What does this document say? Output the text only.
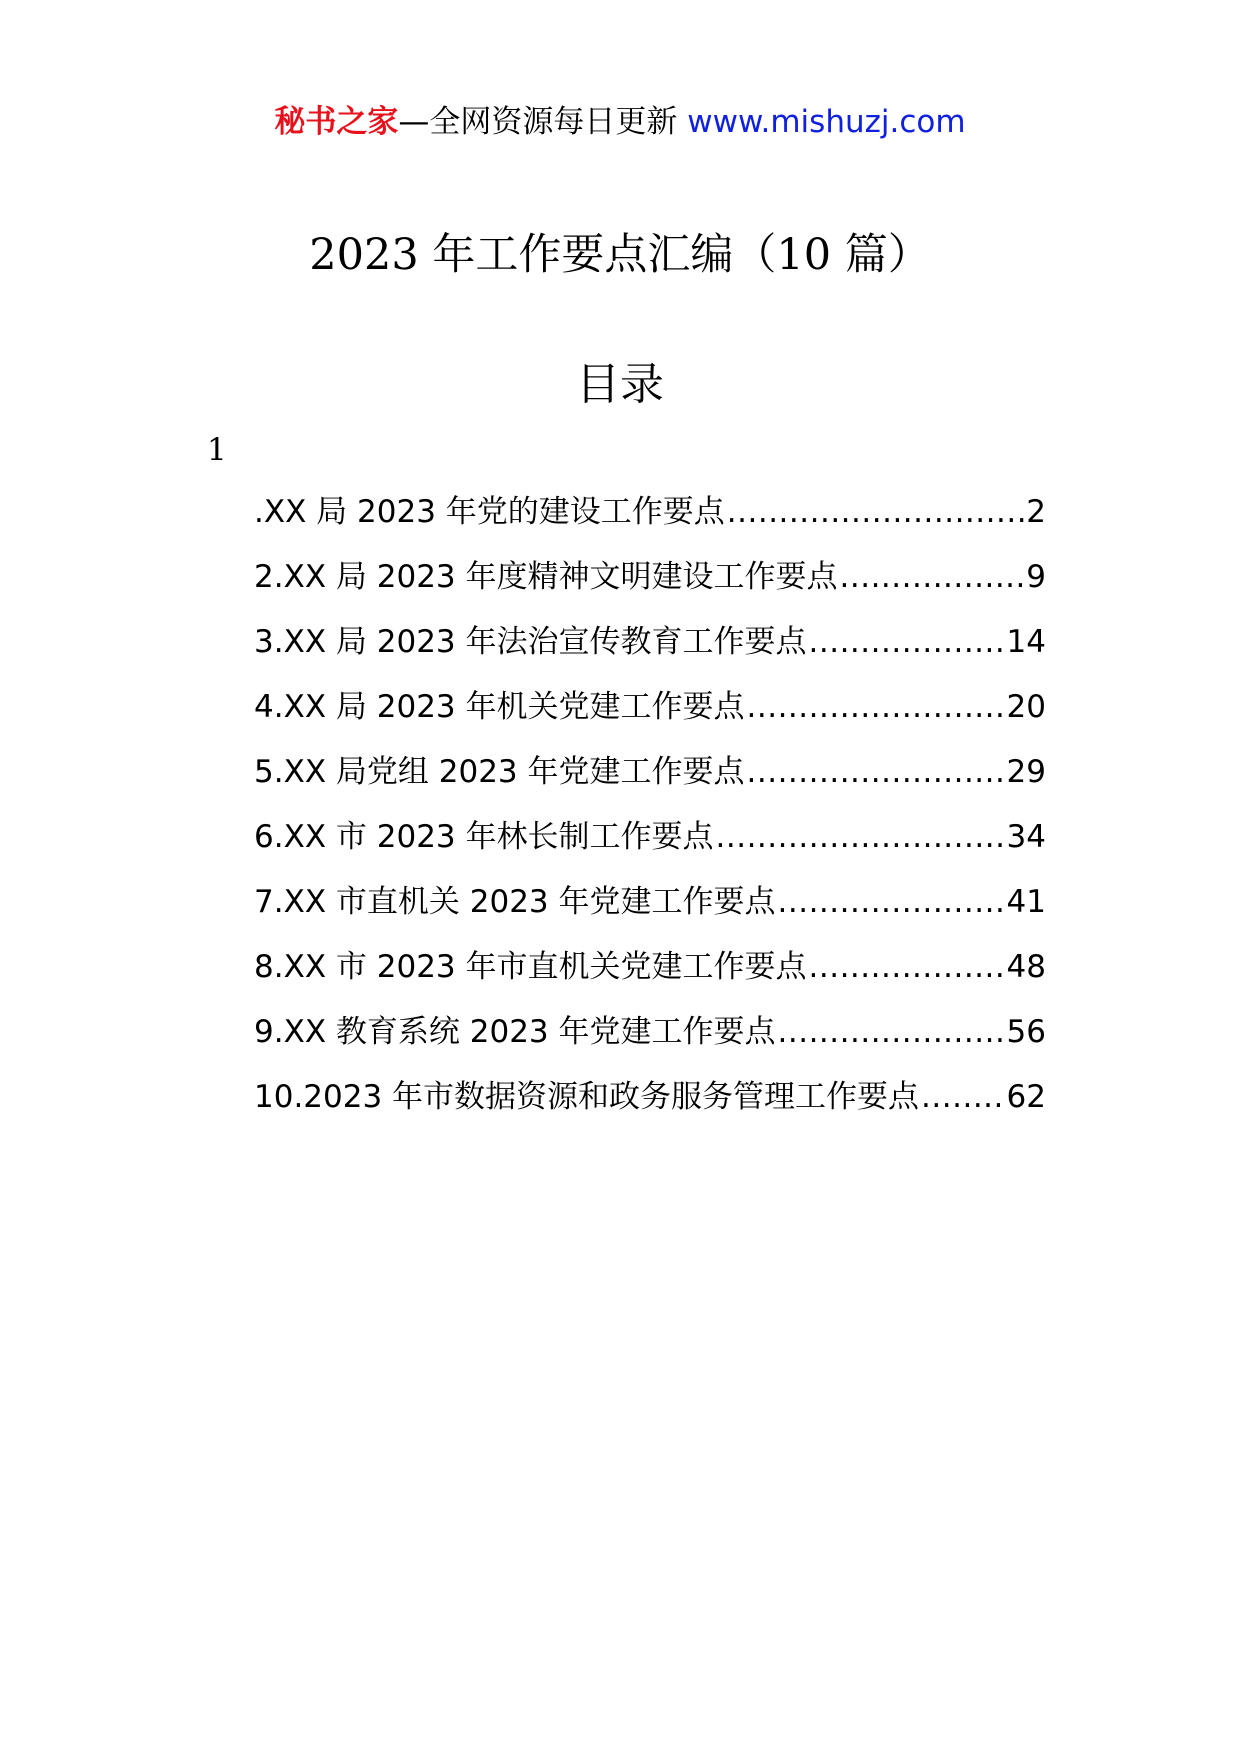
秘书之家—全网资源每日更新 www.mishuzj.com
2023 年工作要点汇编（10 篇）
目录
1
.XX 局 2023 年党的建设工作要点 .....	2
2.XX 局 2023 年度精神文明建设工作要点 .....	9
3.XX 局 2023 年法治宣传教育工作要点 .....	14
4.XX 局 2023 年机关党建工作要点 .....	20
5.XX 局党组 2023 年党建工作要点 .....	29
6.XX 市 2023 年林长制工作要点 .....	34
7.XX 市直机关 2023 年党建工作要点 .....	41
8.XX 市 2023 年市直机关党建工作要点 .....	48
9.XX 教育系统 2023 年党建工作要点 .....	56
10.2023 年市数据资源和政务服务管理工作要点 .....	62
